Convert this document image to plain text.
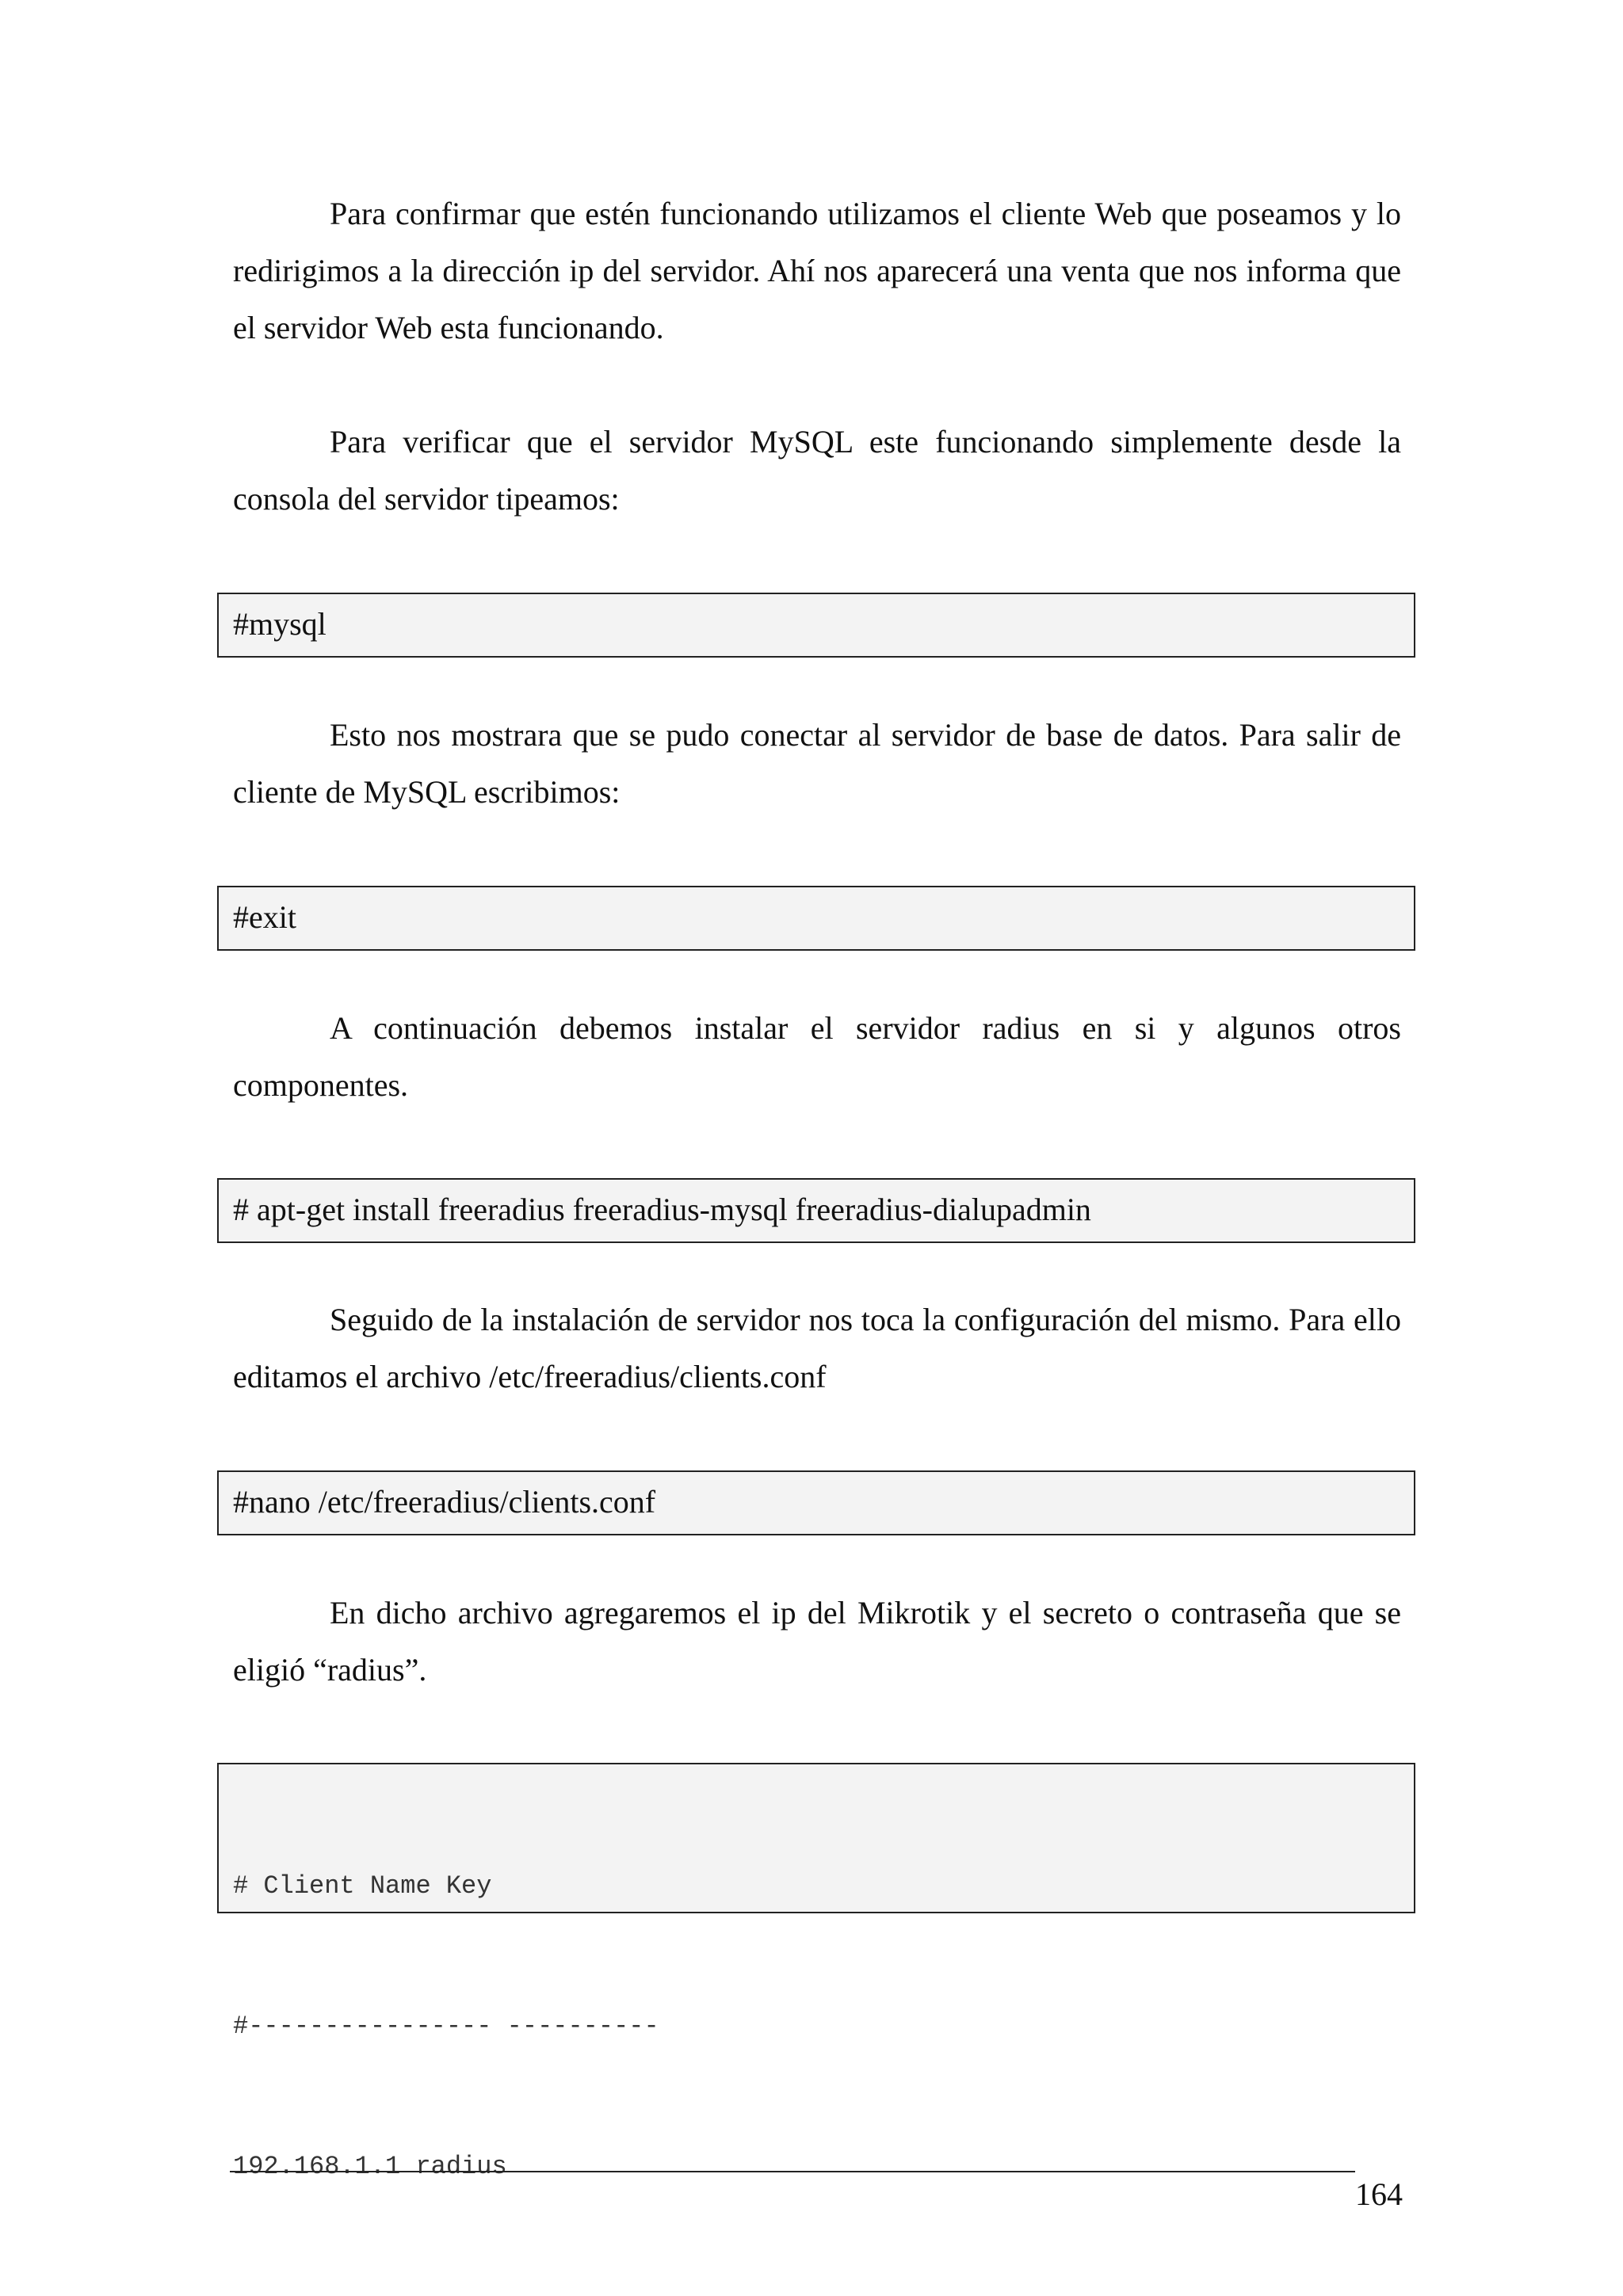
Para confirmar que estén funcionando utilizamos el cliente Web que poseamos y lo redirigimos a la dirección ip del servidor. Ahí nos aparecerá una venta que nos informa que el servidor Web esta funcionando.

Para verificar que el servidor MySQL este funcionando simplemente desde la consola del servidor tipeamos:

#mysql

Esto nos mostrara que se pudo conectar al servidor de base de datos. Para salir de cliente de MySQL escribimos:

#exit

A continuación debemos instalar el servidor radius en si y algunos otros componentes.

# apt-get install freeradius freeradius-mysql freeradius-dialupadmin

Seguido de la instalación de servidor nos toca la configuración del mismo. Para ello editamos el archivo /etc/freeradius/clients.conf

#nano /etc/freeradius/clients.conf

En dicho archivo agregaremos el ip del Mikrotik y el secreto o contraseña que se eligió “radius”.

# Client Name Key

#---------------- ----------

192.168.1.1 radius

164
